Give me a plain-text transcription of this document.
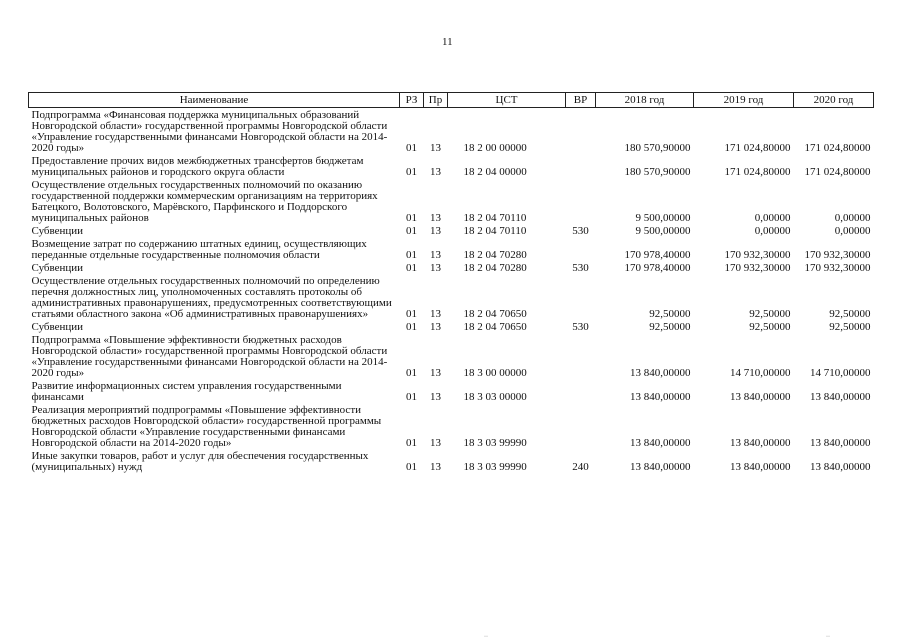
11
Наименование	РЗ	Пр	ЦСТ	ВР	2018 год	2019 год	2020 год
Подпрограмма «Финансовая поддержка муниципальных образований Новгородской области» государственной программы Новгородской области «Управление государственными финансами Новгородской области на 2014-2020 годы»	01	13	18 2 00 00000		180 570,90000	171 024,80000	171 024,80000
Предоставление прочих видов межбюджетных трансфертов бюджетам муниципальных районов и городского округа области	01	13	18 2 04 00000		180 570,90000	171 024,80000	171 024,80000
Осуществление отдельных государственных полномочий по оказанию государственной поддержки коммерческим организациям на территориях Батецкого, Волотовского, Марёвского, Парфинского и Поддорского муниципальных районов	01	13	18 2 04 70110		9 500,00000	0,00000	0,00000
Субвенции	01	13	18 2 04 70110	530	9 500,00000	0,00000	0,00000
Возмещение затрат по содержанию штатных единиц, осуществляющих переданные отдельные государственные полномочия области	01	13	18 2 04 70280		170 978,40000	170 932,30000	170 932,30000
Субвенции	01	13	18 2 04 70280	530	170 978,40000	170 932,30000	170 932,30000
Осуществление отдельных государственных полномочий по определению перечня должностных лиц, уполномоченных составлять протоколы об административных правонарушениях, предусмотренных соответствующими статьями областного закона «Об административных правонарушениях»	01	13	18 2 04 70650		92,50000	92,50000	92,50000
Субвенции	01	13	18 2 04 70650	530	92,50000	92,50000	92,50000
Подпрограмма «Повышение эффективности бюджетных расходов Новгородской области» государственной программы Новгородской области «Управление государственными финансами Новгородской области на 2014-2020 годы»	01	13	18 3 00 00000		13 840,00000	14 710,00000	14 710,00000
Развитие информационных систем управления государственными финансами	01	13	18 3 03 00000		13 840,00000	13 840,00000	13 840,00000
Реализация мероприятий подпрограммы «Повышение эффективности бюджетных расходов Новгородской области» государственной программы Новгородской области «Управление государственными финансами Новгородской области на 2014-2020 годы»	01	13	18 3 03 99990		13 840,00000	13 840,00000	13 840,00000
Иные закупки товаров, работ и услуг для обеспечения государственных (муниципальных) нужд	01	13	18 3 03 99990	240	13 840,00000	13 840,00000	13 840,00000
··	··
